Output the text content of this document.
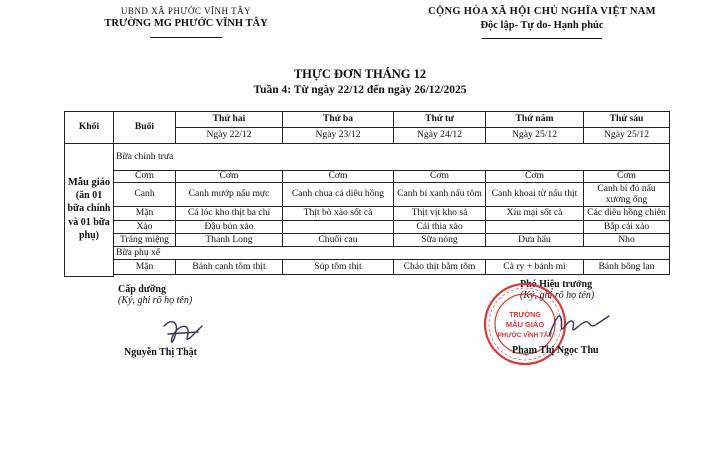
UBND XÃ PHƯỚC VĨNH TÂY
TRƯỜNG MG PHƯỚC VĨNH TÂY
CỘNG HÒA XÃ HỘI CHỦ NGHĨA VIỆT NAM
Độc lập- Tự do- Hạnh phúc
THỰC ĐƠN THÁNG 12
Tuần 4: Từ ngày 22/12 đến ngày 26/12/2025
Khối	Buổi	Thứ hai	Thứ ba	Thứ tư	Thứ năm	Thứ sáu
		Ngày 22/12	Ngày 23/12	Ngày 24/12	Ngày 25/12	Ngày 25/12

Mẫu giáo
(ăn 01 bữa chính và 01 bữa phụ)	Bữa chính trưa					
	Cơm	Cơm	Cơm	Cơm	Cơm	Cơm
	Canh	Canh mướp nấu mực	Canh chua cá diêu hồng	Canh bí xanh nấu tôm	Canh khoai từ nấu thịt	Canh bí đỏ nấu xương ống
	Mặn	Cá lóc kho thịt ba chỉ	Thịt bò xào sốt cà	Thịt vịt kho sả	Xíu mại sốt cà	Các diêu hồng chiên
	Xào	Đậu bún xào		Cải thìa xào		Bắp cải xào
	Tráng miệng	Thanh Long	Chuối cau	Sữa nóng	Dưa hấu	Nho
	Bữa phụ xế					
	Mặn	Bánh canh tôm thịt	Súp tôm thịt	Cháo thịt bằm tôm	Cà ry + bánh mì	Bánh bông lan

Cấp dưỡng
(Ký, ghi rõ họ tên)
Nguyễn Thị Thật
Phó Hiệu trưởng
(Ký, ghi rõ họ tên)
TRƯỜNG
MẪU GIÁO
PHƯỚC VĨNH TÂY
Phạm Thị Ngọc Thu
